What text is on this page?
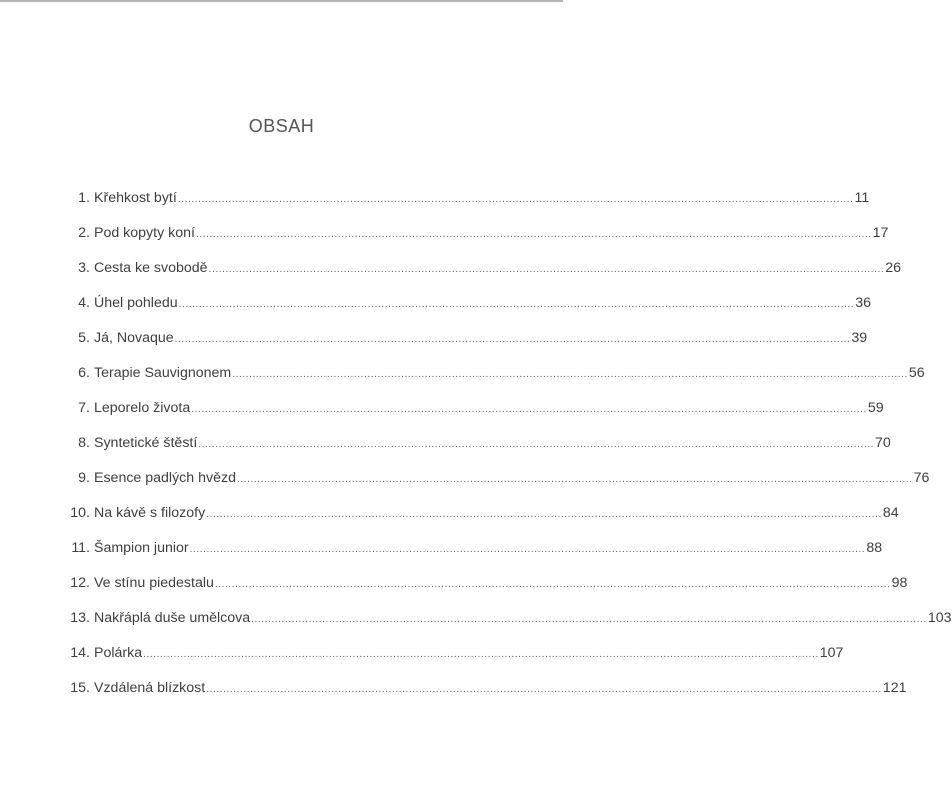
OBSAH
1. Křehkost bytí ........................................................................................................................................................................................................ 11
2. Pod kopyty koní ........................................................................................................................................................................................................ 17
3. Cesta ke svobodě ........................................................................................................................................................................................................ 26
4. Úhel pohledu ........................................................................................................................................................................................................ 36
5. Já, Novaque ........................................................................................................................................................................................................ 39
6. Terapie Sauvignonem ........................................................................................................................................................................................................ 56
7. Leporelo života ........................................................................................................................................................................................................ 59
8. Syntetické štěstí ........................................................................................................................................................................................................ 70
9. Esence padlých hvězd ........................................................................................................................................................................................................ 76
10. Na kávě s filozofy ........................................................................................................................................................................................................ 84
11. Šampion junior ........................................................................................................................................................................................................ 88
12. Ve stínu piedestalu ........................................................................................................................................................................................................ 98
13. Nakřáplá duše umělcova ........................................................................................................................................................................................................ 103
14. Polárka ........................................................................................................................................................................................................ 107
15. Vzdálená blízkost ........................................................................................................................................................................................................ 121
